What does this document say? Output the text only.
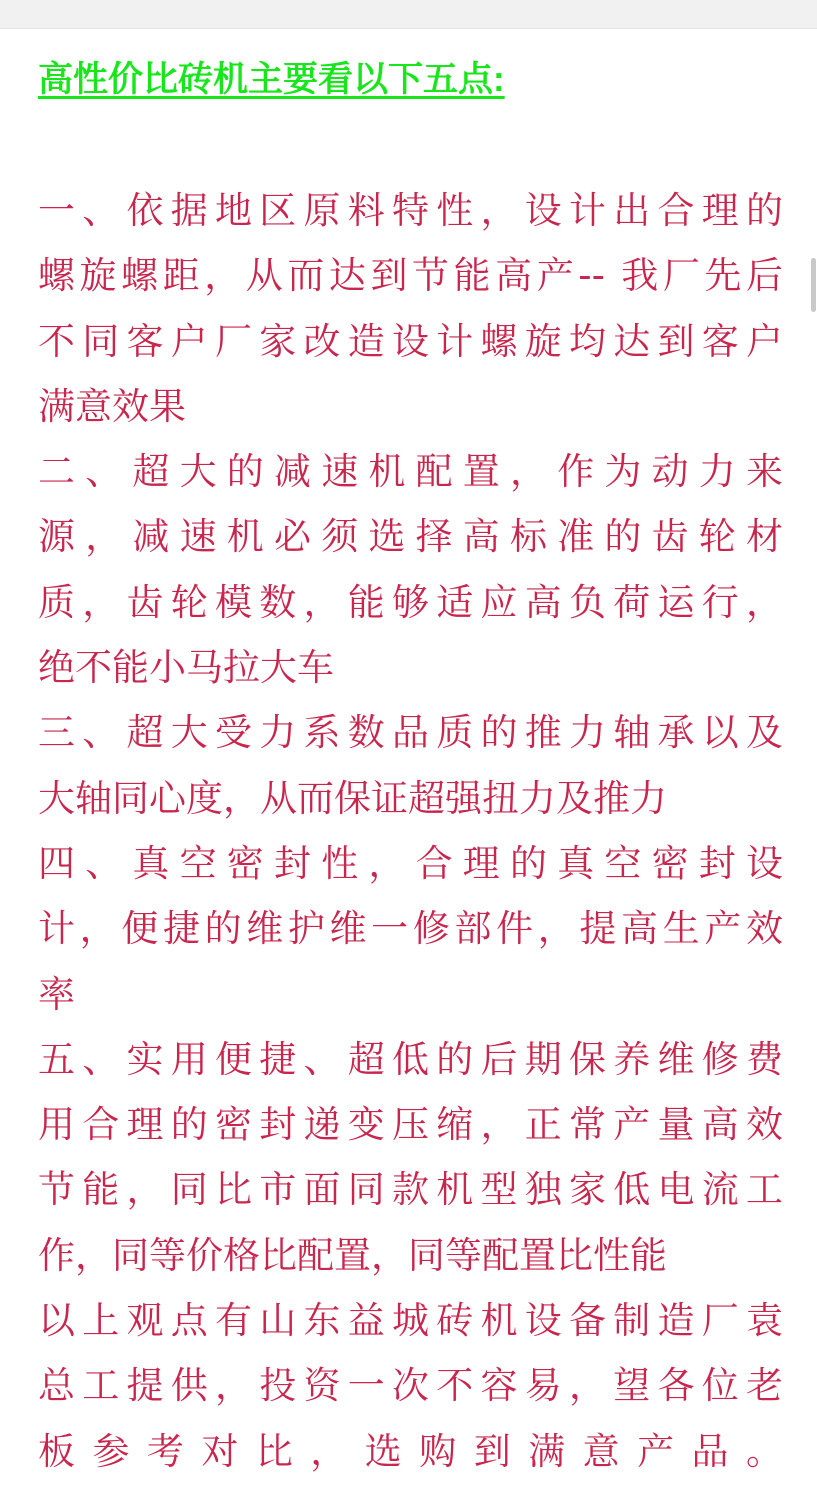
高性价比砖机主要看以下五点:
一、依据地区原料特性，设计出合理的
螺旋螺距，从而达到节能高产-- 我厂先后
不同客户厂家改造设计螺旋均达到客户
满意效果
二、超大的减速机配置，作为动力来
源，减速机必须选择高标准的齿轮材
质，齿轮模数，能够适应高负荷运行，
绝不能小马拉大车
三、超大受力系数品质的推力轴承以及
大轴同心度，从而保证超强扭力及推力
四、真空密封性，合理的真空密封设
计，便捷的维护维一修部件，提高生产效
率
五、实用便捷、超低的后期保养维修费
用合理的密封递变压缩，正常产量高效
节能，同比市面同款机型独家低电流工
作，同等价格比配置，同等配置比性能
以上观点有山东益城砖机设备制造厂袁
总工提供，投资一次不容易，望各位老
板参考对比，选购到满意产品。
